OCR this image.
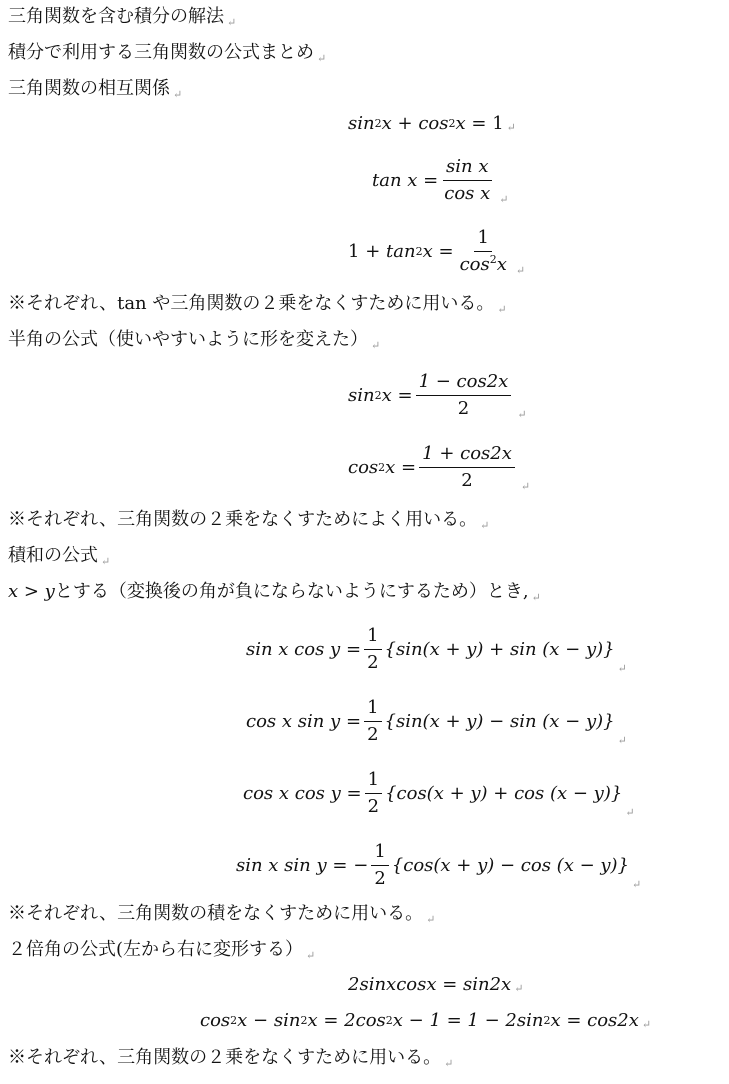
三角関数を含む積分の解法 $_↵$
積分で利用する三角関数の公式まとめ $_↵$
三角関数の相互関係 $_↵$
sin 2 x
+
cos 2 x
=
1 ↵
tan x
= $\frac{\text{sin x}}{\text{cos x}}$ ↵
1
+
tan 2 x
= $\frac{1}{\cos^2x}$ ↵
※それぞれ、tan や三角関数の２乗をなくすために用いる。 $_↵$
半角の公式（使いやすいように形を変えた） $_↵$
sin 2 x
= $\frac{1 - \cos 2x}{2}$ ↵
cos 2 x
= $\frac{1 + \cos 2x}{2}$ ↵
※それぞれ、三角関数の２乗をなくすためによく用いる。 $_↵$
積和の公式 $_↵$
x > yとする（変換後の角が負にならないようにするため）とき, $_↵$
sin x cos y
= $\frac{1}{2} \{\sin(x + y) + \sin (x - y)\}$
↵
cos x sin y
= $\frac{1}{2} \{\sin(x + y) - \sin (x - y)\}$
↵
cos x cos y
= $\frac{1}{2} \{\cos(x + y) + \cos (x - y)\}$
↵
sin x sin y
=
− $\frac{1}{2} \{\cos(x + y) - \cos (x - y)\}$
↵
※それぞれ、三角関数の積をなくすために用いる。 $_↵$
２倍角の公式(左から右に変形する） $_↵$
2sinxcosx = sin2x ↵
cos 2 x
−
sin 2 x
= 2cos 2 x − 1 = 1 − 2sin 2 x = cos2x ↵
※それぞれ、三角関数の２乗をなくすために用いる。 $_↵$
